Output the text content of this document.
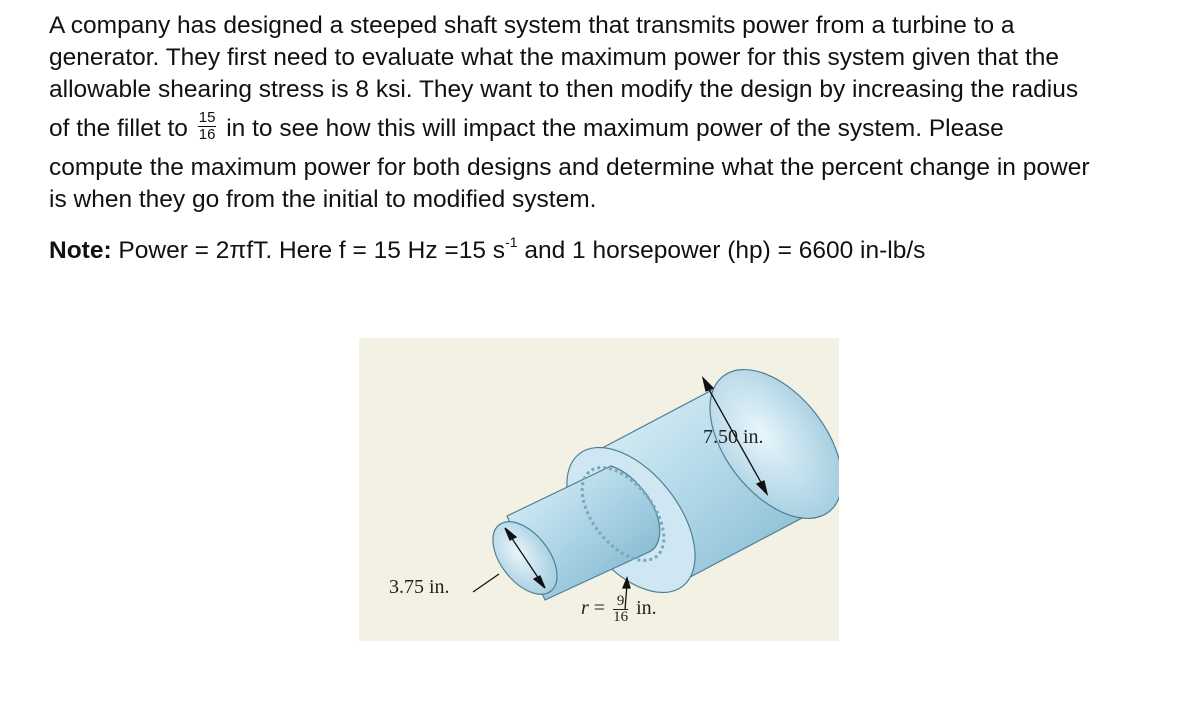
A company has designed a steeped shaft system that transmits power from a turbine to a

generator. They first need to evaluate what the maximum power for this system given that the

allowable shearing stress is 8 ksi. They want to then modify the design by increasing the radius

of the fillet to $\frac{15}{16}$ in to see how this will impact the maximum power of the system. Please

compute the maximum power for both designs and determine what the percent change in power

is when they go from the initial to modified system.

Note: Power = 2πfT. Here f = 15 Hz =15 $s^{-1}$ and 1 horsepower (hp) = 6600 in-lb/s

7.50 in.
3.75 in.
$r = \frac{9}{16}$ in.
